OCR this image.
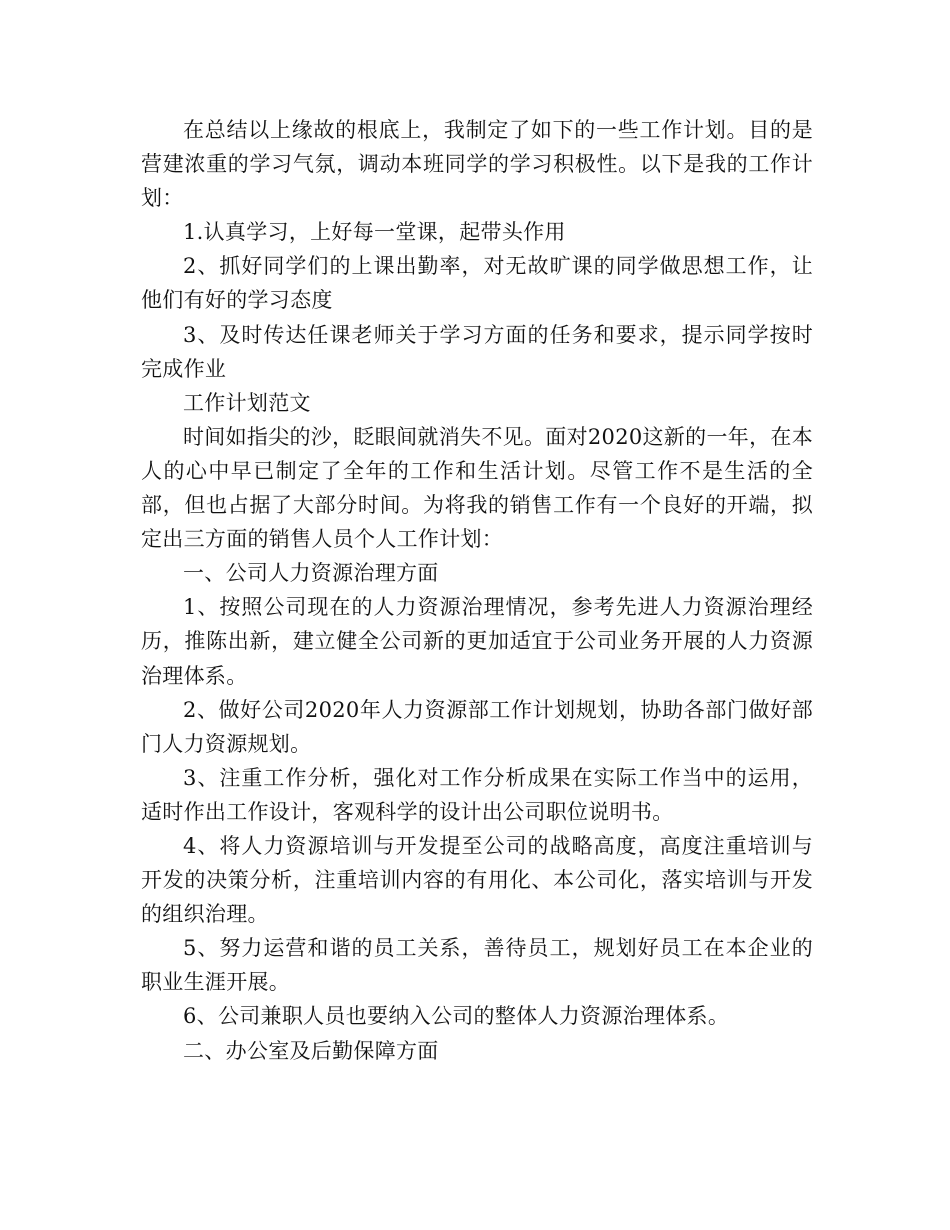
在总结以上缘故的根底上，我制定了如下的一些工作计划。目的是营建浓重的学习气氛，调动本班同学的学习积极性。以下是我的工作计划：

1.认真学习，上好每一堂课，起带头作用

2、抓好同学们的上课出勤率，对无故旷课的同学做思想工作，让他们有好的学习态度

3、及时传达任课老师关于学习方面的任务和要求，提示同学按时完成作业

工作计划范文

时间如指尖的沙，眨眼间就消失不见。面对2020这新的一年，在本人的心中早已制定了全年的工作和生活计划。尽管工作不是生活的全部，但也占据了大部分时间。为将我的销售工作有一个良好的开端，拟定出三方面的销售人员个人工作计划：

一、公司人力资源治理方面

1、按照公司现在的人力资源治理情况，参考先进人力资源治理经历，推陈出新，建立健全公司新的更加适宜于公司业务开展的人力资源治理体系。

2、做好公司2020年人力资源部工作计划规划，协助各部门做好部门人力资源规划。

3、注重工作分析，强化对工作分析成果在实际工作当中的运用，适时作出工作设计，客观科学的设计出公司职位说明书。

4、将人力资源培训与开发提至公司的战略高度，高度注重培训与开发的决策分析，注重培训内容的有用化、本公司化，落实培训与开发的组织治理。

5、努力运营和谐的员工关系，善待员工，规划好员工在本企业的职业生涯开展。

6、公司兼职人员也要纳入公司的整体人力资源治理体系。

二、办公室及后勤保障方面
